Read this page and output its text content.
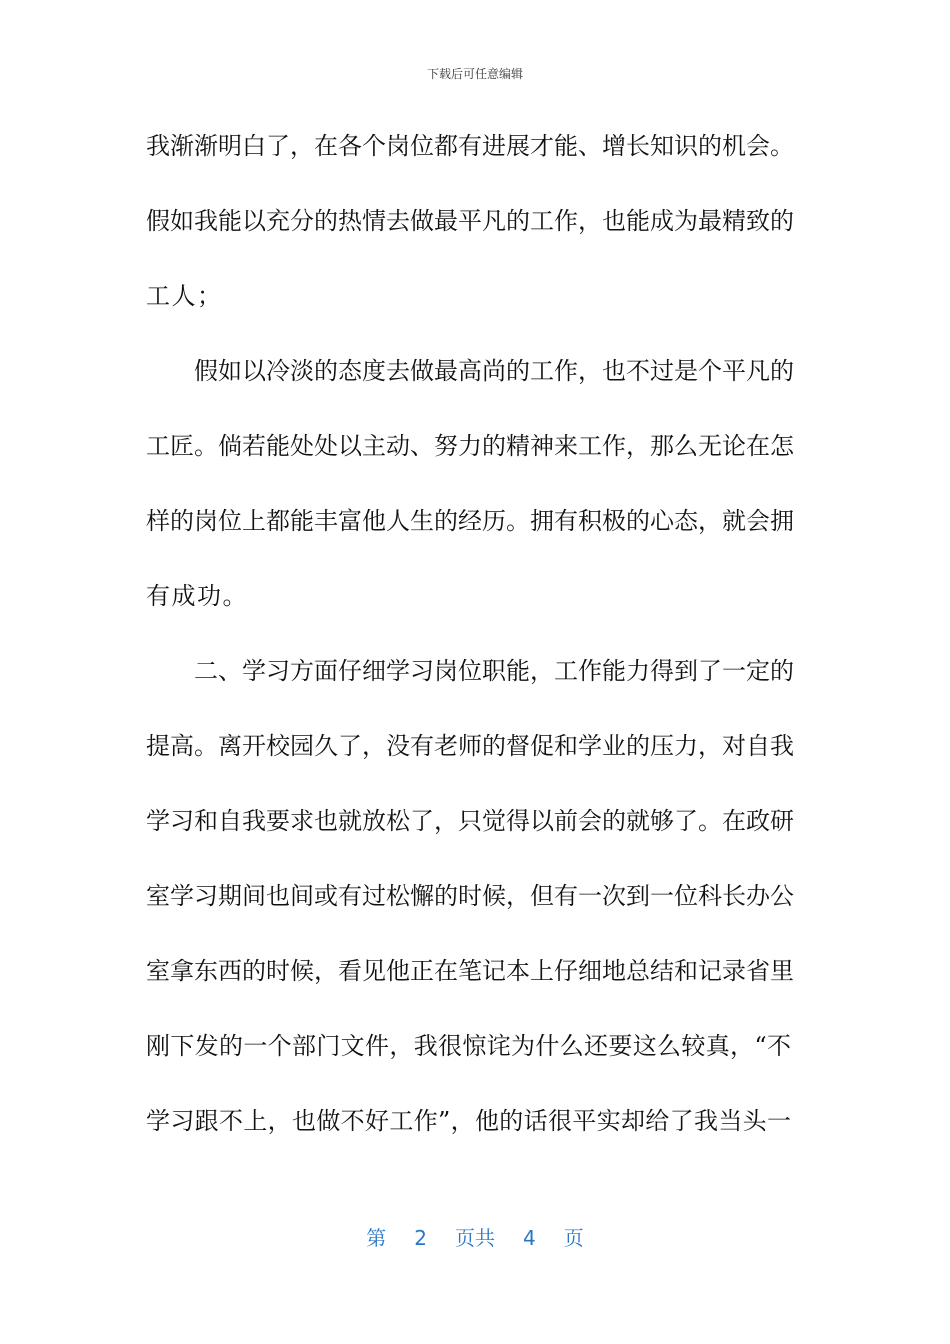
下载后可任意编辑
我渐渐明白了，在各个岗位都有进展才能、增长知识的机会。
假如我能以充分的热情去做最平凡的工作，也能成为最精致的
工人；
假如以冷淡的态度去做最高尚的工作，也不过是个平凡的
工匠。倘若能处处以主动、努力的精神来工作，那么无论在怎
样的岗位上都能丰富他人生的经历。拥有积极的心态，就会拥
有成功。
二、学习方面仔细学习岗位职能，工作能力得到了一定的
提高。离开校园久了，没有老师的督促和学业的压力，对自我
学习和自我要求也就放松了，只觉得以前会的就够了。在政研
室学习期间也间或有过松懈的时候，但有一次到一位科长办公
室拿东西的时候，看见他正在笔记本上仔细地总结和记录省里
刚下发的一个部门文件，我很惊诧为什么还要这么较真，“不
学习跟不上，也做不好工作”，他的话很平实却给了我当头一
第 2 页共 4 页
